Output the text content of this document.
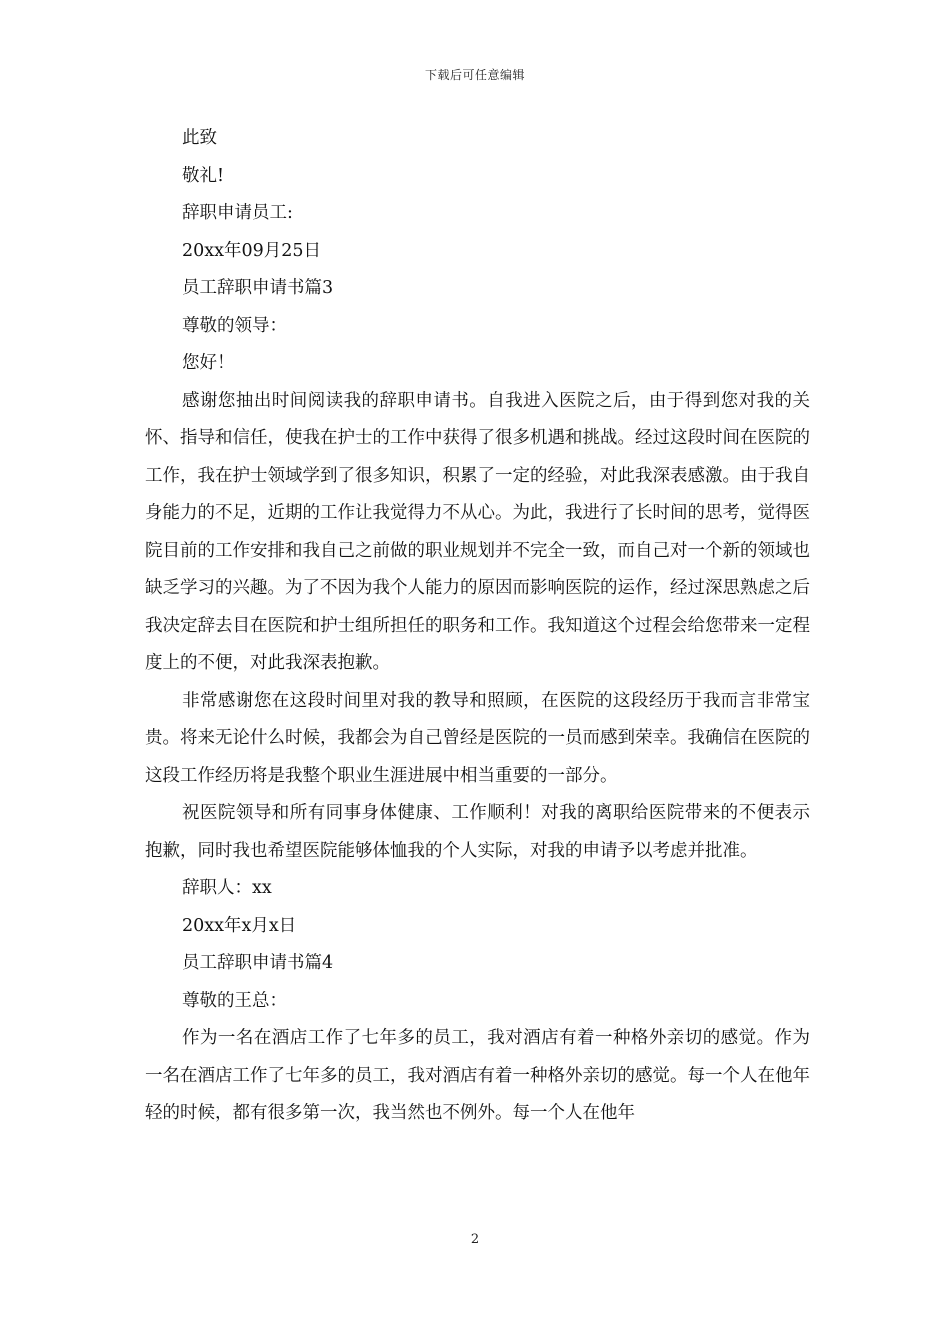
下载后可任意编辑

此致

敬礼!

辞职申请员工:

20xx年09月25日

员工辞职申请书篇3

尊敬的领导：

您好！

感谢您抽出时间阅读我的辞职申请书。自我进入医院之后，由于得到您对我的关怀、指导和信任，使我在护士的工作中获得了很多机遇和挑战。经过这段时间在医院的工作，我在护士领域学到了很多知识，积累了一定的经验，对此我深表感激。由于我自身能力的不足，近期的工作让我觉得力不从心。为此，我进行了长时间的思考，觉得医院目前的工作安排和我自己之前做的职业规划并不完全一致，而自己对一个新的领域也缺乏学习的兴趣。为了不因为我个人能力的原因而影响医院的运作，经过深思熟虑之后我决定辞去目在医院和护士组所担任的职务和工作。我知道这个过程会给您带来一定程度上的不便，对此我深表抱歉。

非常感谢您在这段时间里对我的教导和照顾，在医院的这段经历于我而言非常宝贵。将来无论什么时候，我都会为自己曾经是医院的一员而感到荣幸。我确信在医院的这段工作经历将是我整个职业生涯进展中相当重要的一部分。

祝医院领导和所有同事身体健康、工作顺利！对我的离职给医院带来的不便表示抱歉，同时我也希望医院能够体恤我的个人实际，对我的申请予以考虑并批准。

辞职人：xx

20xx年x月x日

员工辞职申请书篇4

尊敬的王总：

作为一名在酒店工作了七年多的员工，我对酒店有着一种格外亲切的感觉。作为一名在酒店工作了七年多的员工，我对酒店有着一种格外亲切的感觉。每一个人在他年轻的时候，都有很多第一次，我当然也不例外。每一个人在他年

2
